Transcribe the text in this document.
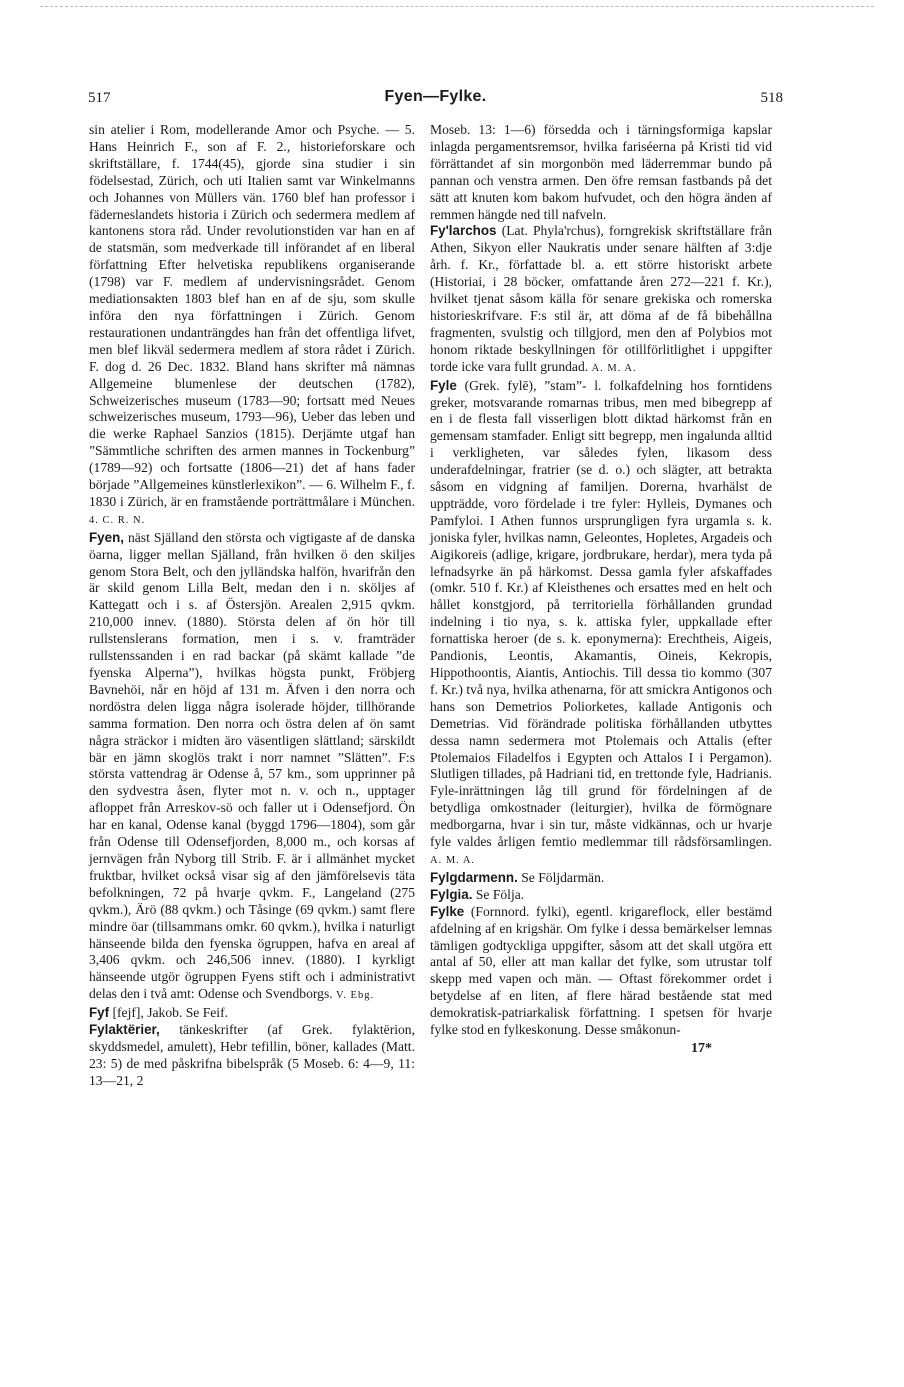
517	Fyen—Fylke.	518

sin atelier i Rom, modellerande Amor och Psyche. — 5. Hans Heinrich F., son af F. 2., historieforskare och skriftställare, f. 1744(45), gjorde sina studier i sin födelsestad, Zürich, och uti Italien samt var Winkelmanns och Johannes von Müllers vän. 1760 blef han professor i fäderneslandets historia i Zürich och sedermera medlem af kantonens stora råd. Under revolutionstiden var han en af de statsmän, som medverkade till införandet af en liberal författning Efter helvetiska republikens organiserande (1798) var F. medlem af undervisningsrådet. Genom mediationsakten 1803 blef han en af de sju, som skulle införa den nya författningen i Zürich. Genom restaurationen undanträngdes han från det offentliga lifvet, men blef likväl sedermera medlem af stora rådet i Zürich. F. dog d. 26 Dec. 1832. Bland hans skrifter må nämnas Allgemeine blumenlese der deutschen (1782), Schweizerisches museum (1783—90; fortsatt med Neues schweizerisches museum, 1793—96), Ueber das leben und die werke Raphael Sanzios (1815). Derjämte utgaf han ”Sämmtliche schriften des armen mannes in Tockenburg” (1789—92) och fortsatte (1806—21) det af hans fader började ”Allgemeines künstlerlexikon”. — 6. Wilhelm F., f. 1830 i Zürich, är en framstående porträttmålare i München. 4. C. R. N.

Fyen, näst Själland den största och vigtigaste af de danska öarna, ligger mellan Själland, från hvilken ö den skiljes genom Stora Belt, och den jylländska halfön, hvarifrån den är skild genom Lilla Belt, medan den i n. sköljes af Kattegatt och i s. af Östersjön. Arealen 2,915 qvkm. 210,000 innev. (1880). Största delen af ön hör till rullstenslerans formation, men i s. v. framträder rullstenssanden i en rad backar (på skämt kallade ”de fyenska Alperna”), hvilkas högsta punkt, Fröbjerg Bavnehöi, når en höjd af 131 m. Äfven i den norra och nordöstra delen ligga några isolerade höjder, tillhörande samma formation. Den norra och östra delen af ön samt några sträckor i midten äro väsentligen slättland; särskildt bär en jämn skoglös trakt i norr namnet ”Slätten”. F:s största vattendrag är Odense å, 57 km., som upprinner på den sydvestra åsen, flyter mot n. v. och n., upptager afloppet från Arreskov-sö och faller ut i Odensefjord. Ön har en kanal, Odense kanal (byggd 1796—1804), som går från Odense till Odensefjorden, 8,000 m., och korsas af jernvägen från Nyborg till Strib. F. är i allmänhet mycket fruktbar, hvilket också visar sig af den jämförelsevis täta befolkningen, 72 på hvarje qvkm. F., Langeland (275 qvkm.), Ärö (88 qvkm.) och Tåsinge (69 qvkm.) samt flere mindre öar (tillsammans omkr. 60 qvkm.), hvilka i naturligt hänseende bilda den fyenska ögruppen, hafva en areal af 3,406 qvkm. och 246,506 innev. (1880). I kyrkligt hänseende utgör ögruppen Fyens stift och i administrativt delas den i två amt: Odense och Svendborgs. V. Ebg.

Fyf [fejf], Jakob. Se Feif.

Fylaktërier, tänkeskrifter (af Grek. fylaktërion, skyddsmedel, amulett), Hebr tefillin, böner, kallades (Matt. 23: 5) de med påskrifna bibelspråk (5 Moseb. 6: 4—9, 11: 13—21, 2

Moseb. 13: 1—6) försedda och i tärningsformiga kapslar inlagda pergamentsremsor, hvilka fariséerna på Kristi tid vid förrättandet af sin morgonbön med läderremmar bundo på pannan och venstra armen. Den öfre remsan fastbands på det sätt att knuten kom bakom hufvudet, och den högra änden af remmen hängde ned till nafveln.

Fy'larchos (Lat. Phyla'rchus), forngrekisk skriftställare från Athen, Sikyon eller Naukratis under senare hälften af 3:dje årh. f. Kr., författade bl. a. ett större historiskt arbete (Historiai, i 28 böcker, omfattande åren 272—221 f. Kr.), hvilket tjenat såsom källa för senare grekiska och romerska historieskrifvare. F:s stil är, att döma af de få bibehållna fragmenten, svulstig och tillgjord, men den af Polybios mot honom riktade beskyllningen för otillförlitlighet i uppgifter torde icke vara fullt grundad. A. M. A.

Fyle (Grek. fylē), ”stam”- l. folkafdelning hos forntidens greker, motsvarande romarnas tribus, men med bibegrepp af en i de flesta fall visserligen blott diktad härkomst från en gemensam stamfader. Enligt sitt begrepp, men ingalunda alltid i verkligheten, var således fylen, likasom dess underafdelningar, fratrier (se d. o.) och slägter, att betrakta såsom en vidgning af familjen. Dorerna, hvarhälst de uppträdde, voro fördelade i tre fyler: Hylleis, Dymanes och Pamfyloi. I Athen funnos ursprungligen fyra urgamla s. k. joniska fyler, hvilkas namn, Geleontes, Hopletes, Argadeis och Aigikoreis (adlige, krigare, jordbrukare, herdar), mera tyda på lefnadsyrke än på härkomst. Dessa gamla fyler afskaffades (omkr. 510 f. Kr.) af Kleisthenes och ersattes med en helt och hållet konstgjord, på territoriella förhållanden grundad indelning i tio nya, s. k. attiska fyler, uppkallade efter fornattiska heroer (de s. k. eponymerna): Erechtheis, Aigeis, Pandionis, Leontis, Akamantis, Oineis, Kekropis, Hippothoontis, Aiantis, Antiochis. Till dessa tio kommo (307 f. Kr.) två nya, hvilka athenarna, för att smickra Antigonos och hans son Demetrios Poliorketes, kallade Antigonis och Demetrias. Vid förändrade politiska förhållanden utbyttes dessa namn sedermera mot Ptolemais och Attalis (efter Ptolemaios Filadelfos i Egypten och Attalos I i Pergamon). Slutligen tillades, på Hadriani tid, en trettonde fyle, Hadrianis. Fyle-inrättningen låg till grund för fördelningen af de betydliga omkostnader (leiturgier), hvilka de förmögnare medborgarna, hvar i sin tur, måste vidkännas, och ur hvarje fyle valdes årligen femtio medlemmar till rådsförsamlingen. A. M. A.

Fylgdarmenn. Se Följdarmän.

Fylgia. Se Följa.

Fylke (Fornnord. fylki), egentl. krigareflock, eller bestämd afdelning af en krigshär. Om fylke i dessa bemärkelser lemnas tämligen godtyckliga uppgifter, såsom att det skall utgöra ett antal af 50, eller att man kallar det fylke, som utrustar tolf skepp med vapen och män. — Oftast förekommer ordet i betydelse af en liten, af flere härad bestående stat med demokratisk-patriarkalisk författning. I spetsen för hvarje fylke stod en fylkeskonung. Desse småkonun-

17*
